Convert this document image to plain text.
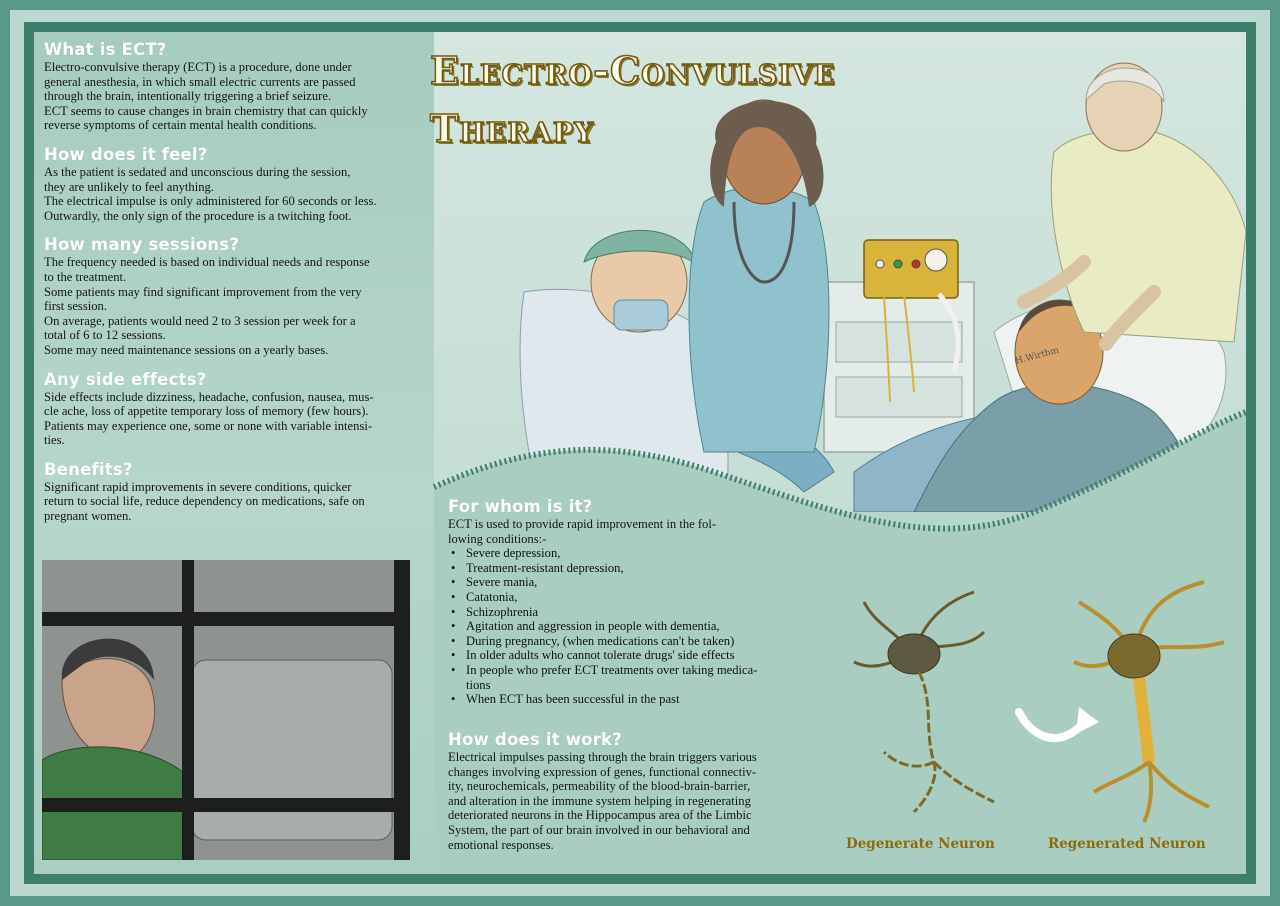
H.Wirthm
Electro-Convulsive
Therapy
What is ECT?
Electro-convulsive therapy (ECT) is a procedure, done under
general anesthesia, in which small electric currents are passed
through the brain, intentionally triggering a brief seizure.
ECT seems to cause changes in brain chemistry that can quickly
reverse symptoms of certain mental health conditions.
How does it feel?
As the patient is sedated and unconscious during the session,
they are unlikely to feel anything.
The electrical impulse is only administered for 60 seconds or less.
Outwardly, the only sign of the procedure is a twitching foot.
How many sessions?
The frequency needed is based on individual needs and response
to the treatment.
Some patients may find significant improvement from the very
first session.
On average, patients would need 2 to 3 session per week for a
total of 6 to 12 sessions.
Some may need maintenance sessions on a yearly bases.
Any side effects?
Side effects include dizziness, headache, confusion, nausea, mus-
cle ache, loss of appetite temporary loss of memory (few hours).
Patients may experience one, some or none with variable intensi-
ties.
Benefits?
Significant rapid improvements in severe conditions, quicker
return to social life, reduce dependency on medications, safe on
pregnant women.
For whom is it?
ECT is used to provide rapid improvement in the fol-
lowing conditions:-
• Severe depression,
• Treatment-resistant depression,
• Severe mania,
• Catatonia,
• Schizophrenia
• Agitation and aggression in people with dementia,
• During pregnancy, (when medications can't be taken)
• In older adults who cannot tolerate drugs' side effects
• In people who prefer ECT treatments over taking medica-
tions
• When ECT has been successful in the past
How does it work?
Electrical impulses passing through the brain triggers various
changes involving expression of genes, functional connectiv-
ity, neurochemicals, permeability of the blood-brain-barrier,
and alteration in the immune system helping in regenerating
deteriorated neurons in the Hippocampus area of the Limbic
System, the part of our brain involved in our behavioral and
emotional responses.	Degenerate Neuron	Regenerated Neuron
